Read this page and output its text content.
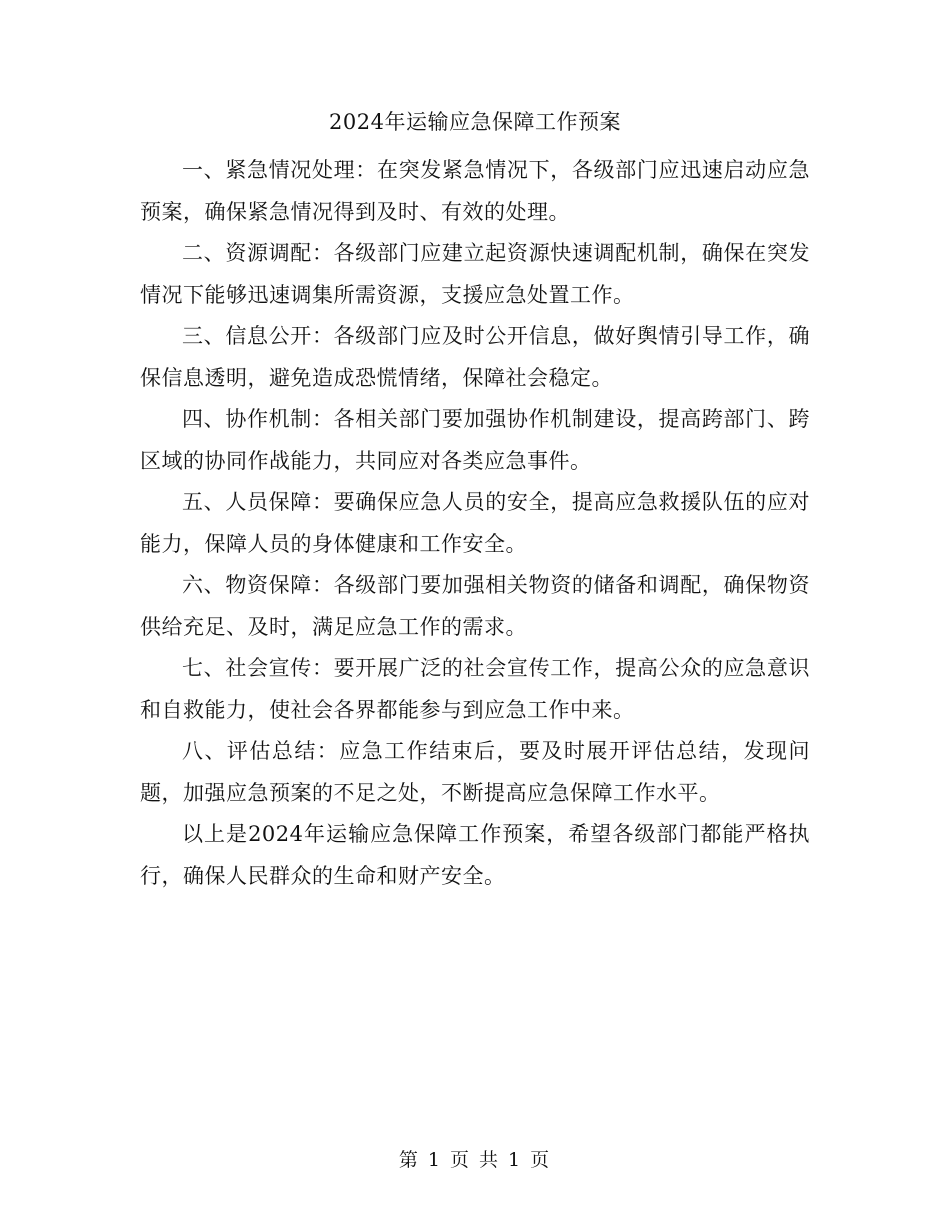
2024年运输应急保障工作预案

一、紧急情况处理：在突发紧急情况下，各级部门应迅速启动应急预案，确保紧急情况得到及时、有效的处理。

二、资源调配：各级部门应建立起资源快速调配机制，确保在突发情况下能够迅速调集所需资源，支援应急处置工作。

三、信息公开：各级部门应及时公开信息，做好舆情引导工作，确保信息透明，避免造成恐慌情绪，保障社会稳定。

四、协作机制：各相关部门要加强协作机制建设，提高跨部门、跨区域的协同作战能力，共同应对各类应急事件。

五、人员保障：要确保应急人员的安全，提高应急救援队伍的应对能力，保障人员的身体健康和工作安全。

六、物资保障：各级部门要加强相关物资的储备和调配，确保物资供给充足、及时，满足应急工作的需求。

七、社会宣传：要开展广泛的社会宣传工作，提高公众的应急意识和自救能力，使社会各界都能参与到应急工作中来。

八、评估总结：应急工作结束后，要及时展开评估总结，发现问题，加强应急预案的不足之处，不断提高应急保障工作水平。

以上是2024年运输应急保障工作预案，希望各级部门都能严格执行，确保人民群众的生命和财产安全。

第 1 页 共 1 页
